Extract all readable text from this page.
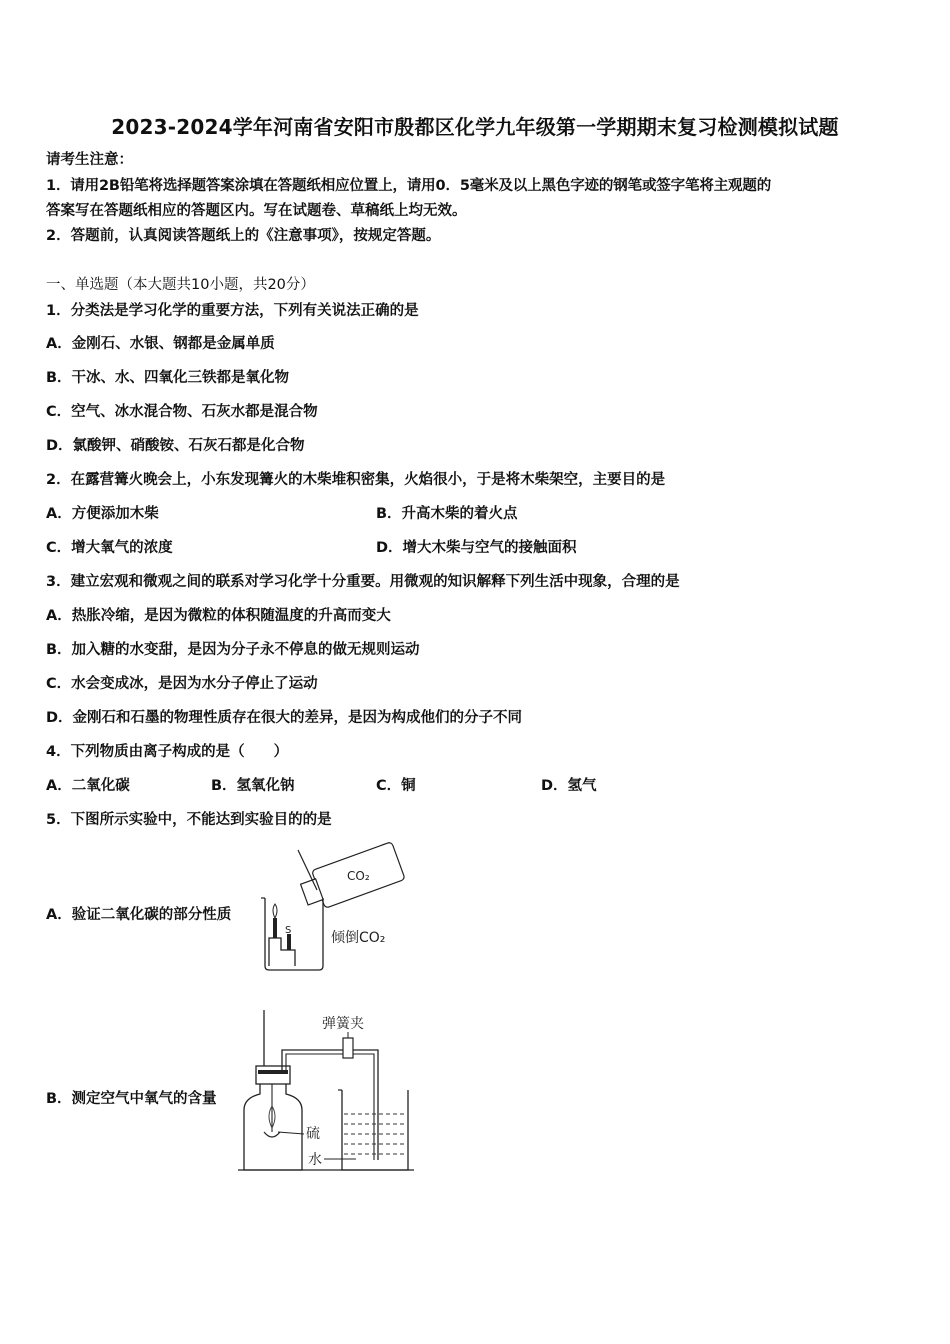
2023-2024学年河南省安阳市殷都区化学九年级第一学期期末复习检测模拟试题
请考生注意：
1．请用2B铅笔将选择题答案涂填在答题纸相应位置上，请用0．5毫米及以上黑色字迹的钢笔或签字笔将主观题的
答案写在答题纸相应的答题区内。写在试题卷、草稿纸上均无效。
2．答题前，认真阅读答题纸上的《注意事项》，按规定答题。
一、单选题（本大题共10小题，共20分）
1．分类法是学习化学的重要方法，下列有关说法正确的是
A．金刚石、水银、钢都是金属单质
B．干冰、水、四氧化三铁都是氧化物
C．空气、冰水混合物、石灰水都是混合物
D．氯酸钾、硝酸铵、石灰石都是化合物
2．在露营篝火晚会上，小东发现篝火的木柴堆积密集，火焰很小，于是将木柴架空，主要目的是
A．方便添加木柴	B．升高木柴的着火点
C．增大氧气的浓度	D．增大木柴与空气的接触面积
3．建立宏观和微观之间的联系对学习化学十分重要。用微观的知识解释下列生活中现象，合理的是
A．热胀冷缩，是因为微粒的体积随温度的升高而变大
B．加入糖的水变甜，是因为分子永不停息的做无规则运动
C．水会变成冰，是因为水分子停止了运动
D．金刚石和石墨的物理性质存在很大的差异，是因为构成他们的分子不同
4．下列物质由离子构成的是（　　）
A．二氧化碳	B．氢氧化钠	C．铜	D．氢气
5．下图所示实验中，不能达到实验目的的是
A．验证二氧化碳的部分性质
B．测定空气中氧气的含量
CO₂
S	倾倒CO₂
弹簧夹
硫
水
